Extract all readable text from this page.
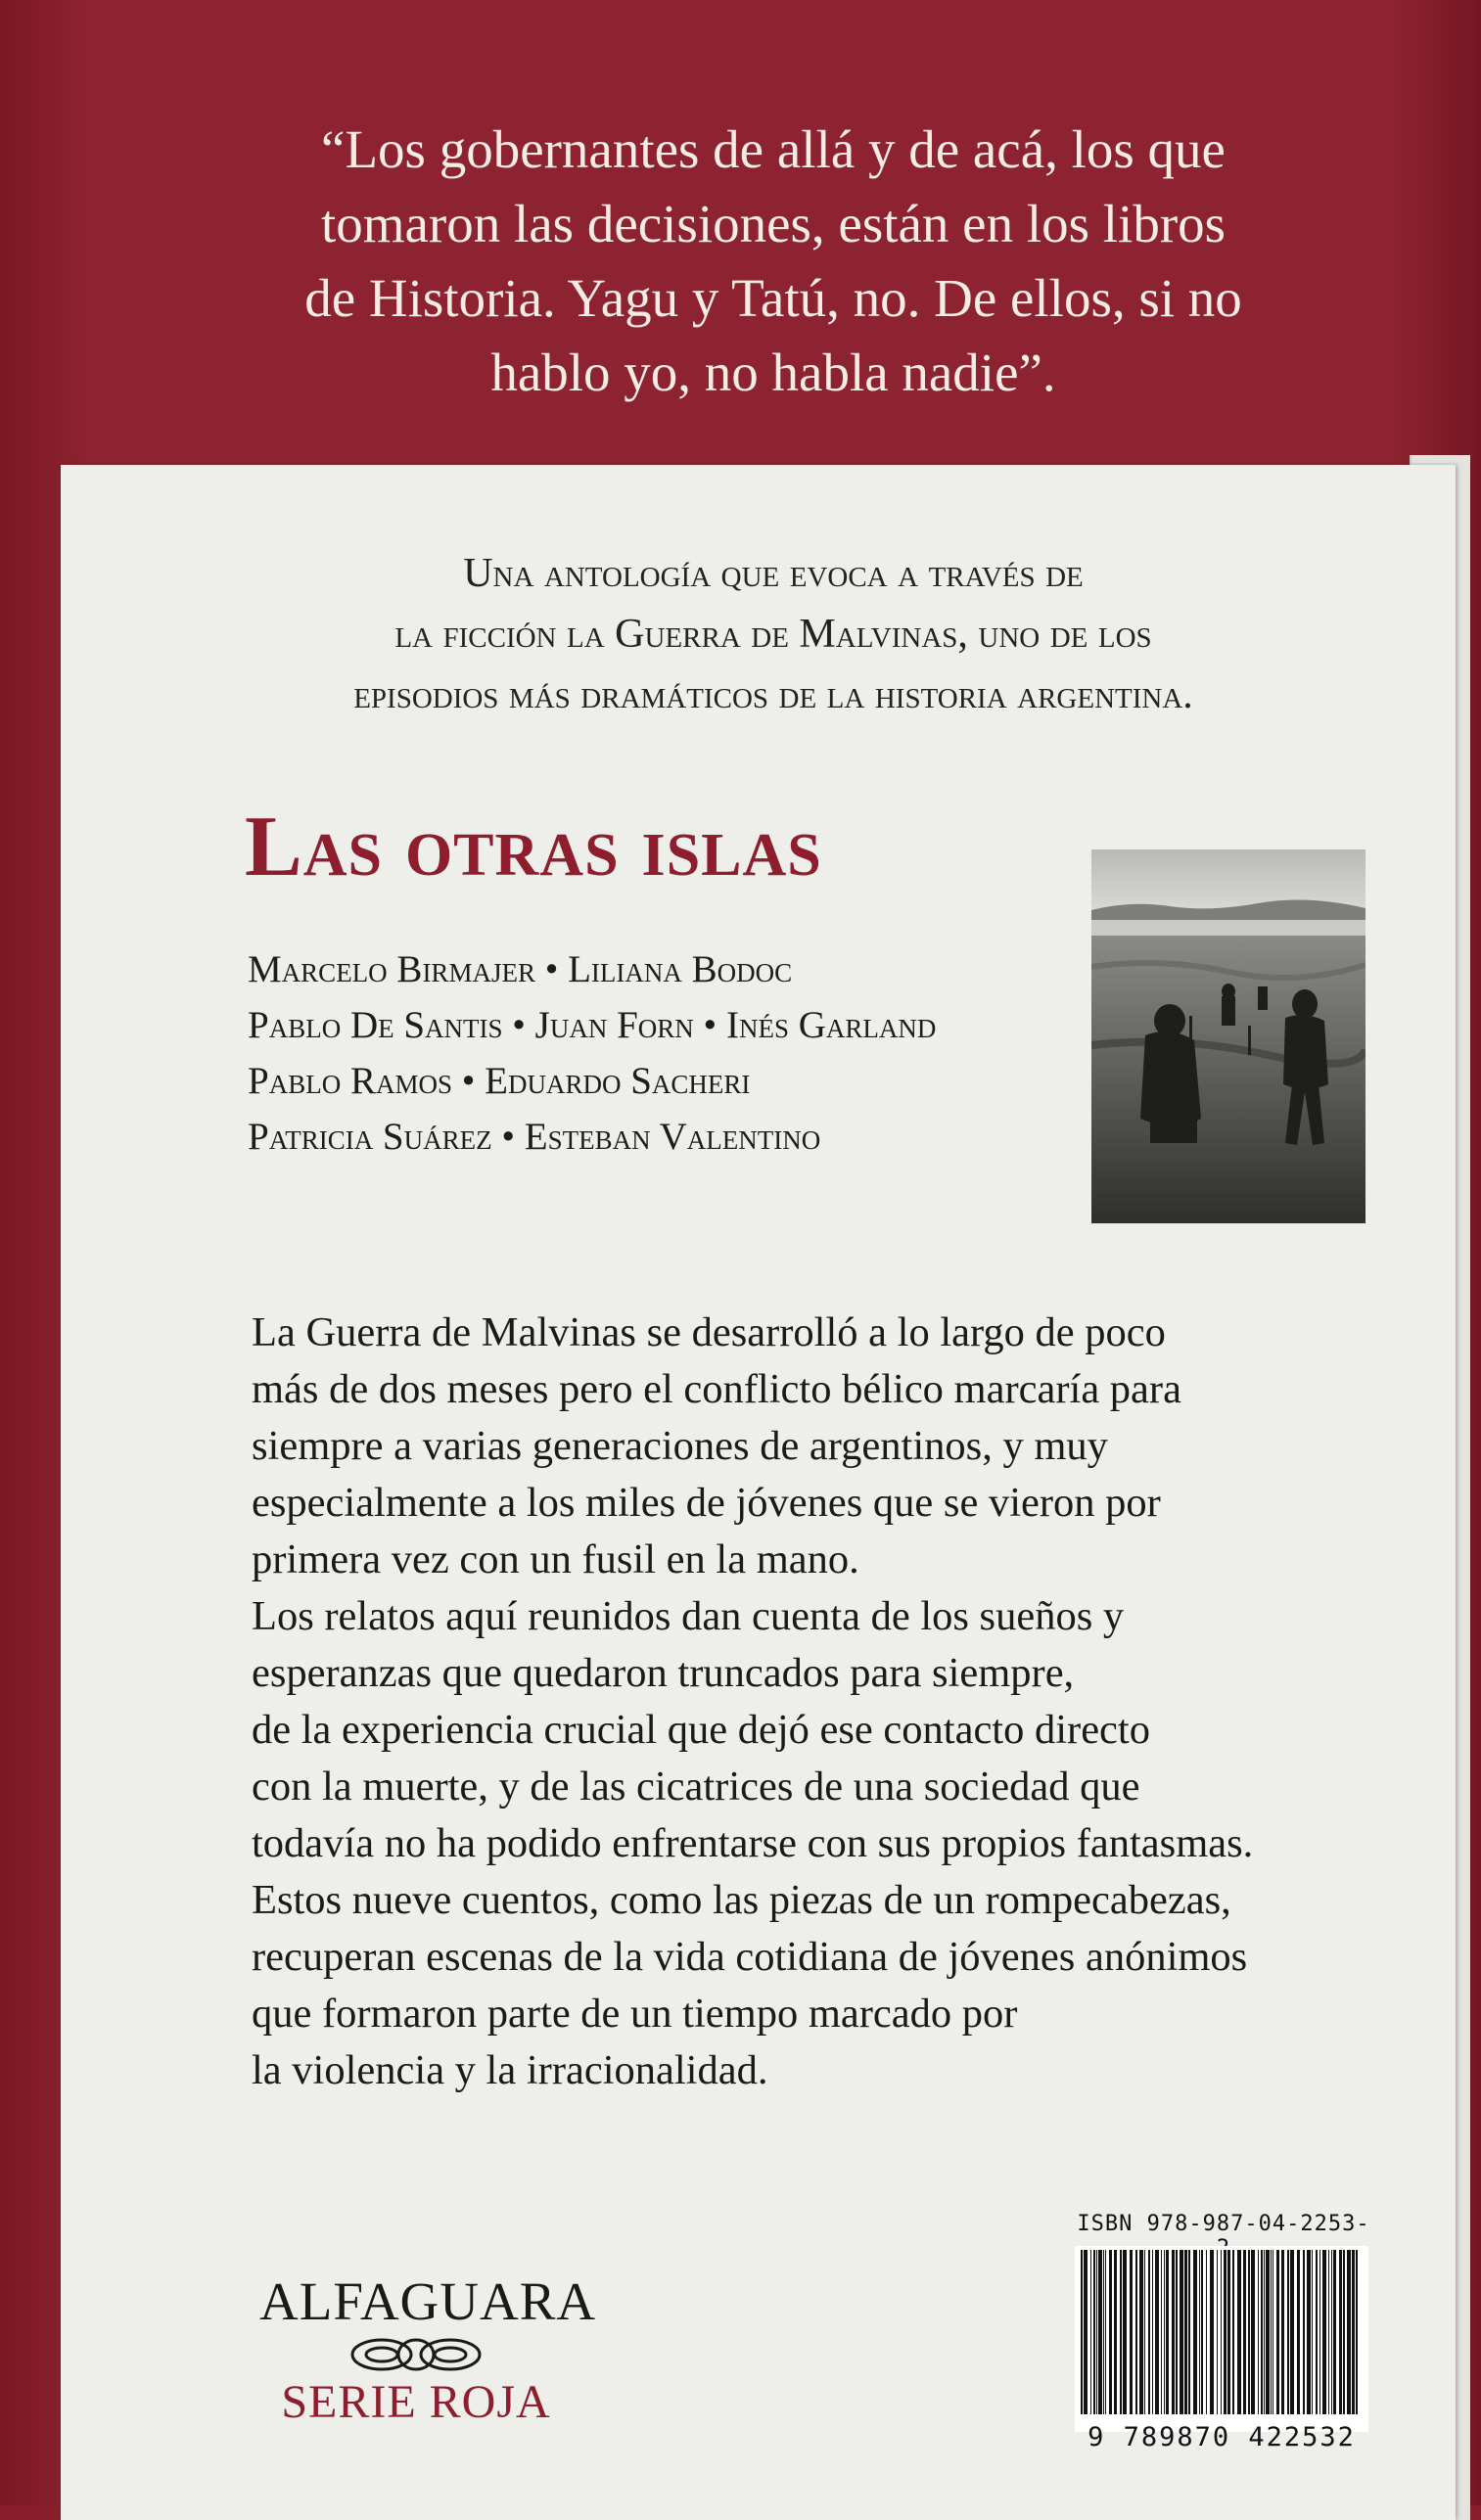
“Los gobernantes de allá y de acá, los que
tomaron las decisiones, están en los libros
de Historia. Yagu y Tatú, no. De ellos, si no
hablo yo, no habla nadie”.

Una antología que evoca a través de
la ficción la Guerra de Malvinas, uno de los
episodios más dramáticos de la historia argentina.

Las otras islas
Marcelo Birmajer • Liliana Bodoc
Pablo De Santis • Juan Forn • Inés Garland
Pablo Ramos • Eduardo Sacheri
Patricia Suárez • Esteban Valentino
La Guerra de Malvinas se desarrolló a lo largo de poco
más de dos meses pero el conflicto bélico marcaría para
siempre a varias generaciones de argentinos, y muy
especialmente a los miles de jóvenes que se vieron por
primera vez con un fusil en la mano.
Los relatos aquí reunidos dan cuenta de los sueños y
esperanzas que quedaron truncados para siempre,
de la experiencia crucial que dejó ese contacto directo
con la muerte, y de las cicatrices de una sociedad que
todavía no ha podido enfrentarse con sus propios fantasmas.
Estos nueve cuentos, como las piezas de un rompecabezas,
recuperan escenas de la vida cotidiana de jóvenes anónimos
que formaron parte de un tiempo marcado por
la violencia y la irracionalidad.
ALFAGUARA
SERIE ROJA
ISBN 978-987-04-2253-
9 789870 422532
